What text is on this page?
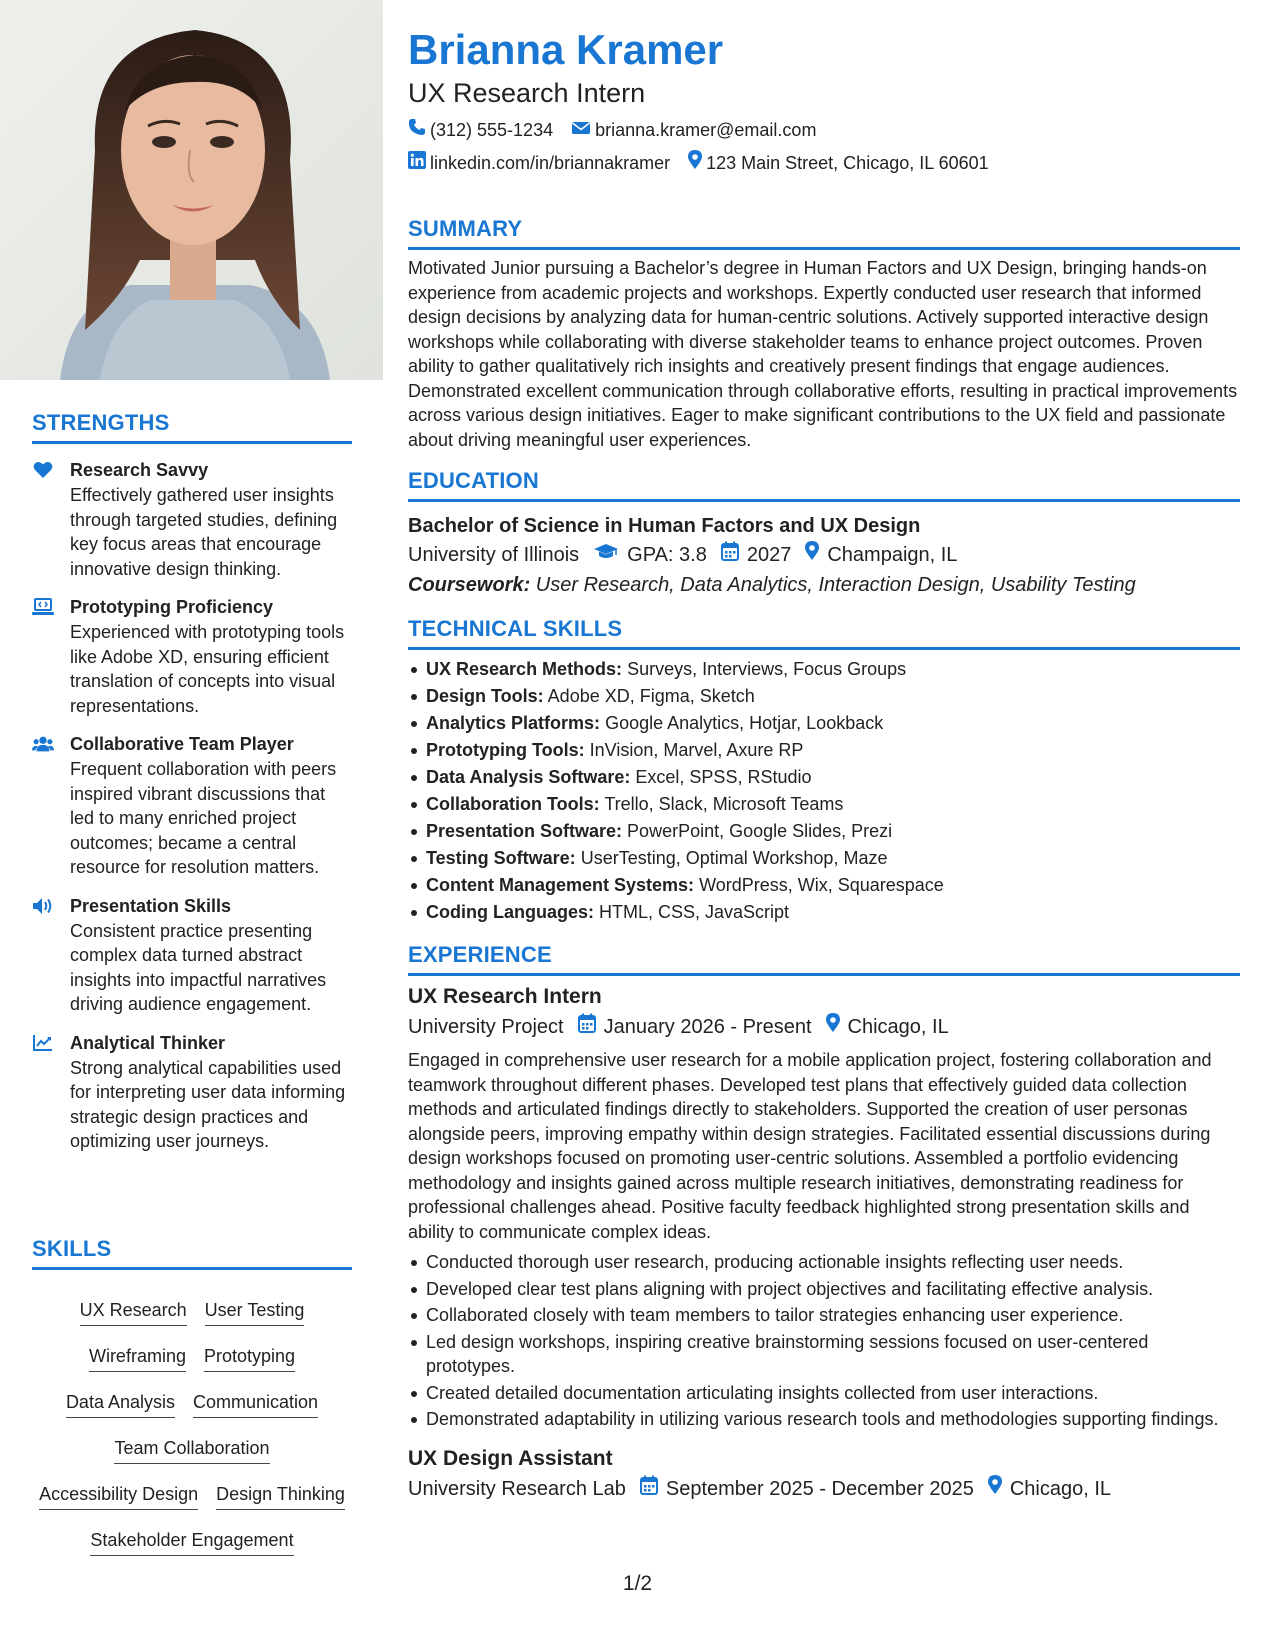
STRENGTHS
Research Savvy
Effectively gathered user insights through targeted studies, defining key focus areas that encourage innovative design thinking.
Prototyping Proficiency
Experienced with prototyping tools like Adobe XD, ensuring efficient translation of concepts into visual representations.
Collaborative Team Player
Frequent collaboration with peers inspired vibrant discussions that led to many enriched project outcomes; became a central resource for resolution matters.
Presentation Skills
Consistent practice presenting complex data turned abstract insights into impactful narratives driving audience engagement.
Analytical Thinker
Strong analytical capabilities used for interpreting user data informing strategic design practices and optimizing user journeys.
SKILLS
UX Research User Testing
Wireframing Prototyping
Data Analysis Communication
Team Collaboration
Accessibility Design Design Thinking
Stakeholder Engagement
Brianna Kramer
UX Research Intern
(312) 555-1234 brianna.kramer@email.com
linkedin.com/in/briannakramer 123 Main Street, Chicago, IL 60601
SUMMARY
Motivated Junior pursuing a Bachelor’s degree in Human Factors and UX Design, bringing hands-on experience from academic projects and workshops. Expertly conducted user research that informed design decisions by analyzing data for human-centric solutions. Actively supported interactive design workshops while collaborating with diverse stakeholder teams to enhance project outcomes. Proven ability to gather qualitatively rich insights and creatively present findings that engage audiences. Demonstrated excellent communication through collaborative efforts, resulting in practical improvements across various design initiatives. Eager to make significant contributions to the UX field and passionate about driving meaningful user experiences.
EDUCATION
Bachelor of Science in Human Factors and UX Design
University of Illinois GPA: 3.8 2027 Champaign, IL
Coursework: User Research, Data Analytics, Interaction Design, Usability Testing
TECHNICAL SKILLS
UX Research Methods: Surveys, Interviews, Focus Groups
Design Tools: Adobe XD, Figma, Sketch
Analytics Platforms: Google Analytics, Hotjar, Lookback
Prototyping Tools: InVision, Marvel, Axure RP
Data Analysis Software: Excel, SPSS, RStudio
Collaboration Tools: Trello, Slack, Microsoft Teams
Presentation Software: PowerPoint, Google Slides, Prezi
Testing Software: UserTesting, Optimal Workshop, Maze
Content Management Systems: WordPress, Wix, Squarespace
Coding Languages: HTML, CSS, JavaScript
EXPERIENCE
UX Research Intern
University Project January 2026 - Present Chicago, IL
Engaged in comprehensive user research for a mobile application project, fostering collaboration and teamwork throughout different phases. Developed test plans that effectively guided data collection methods and articulated findings directly to stakeholders. Supported the creation of user personas alongside peers, improving empathy within design strategies. Facilitated essential discussions during design workshops focused on promoting user-centric solutions. Assembled a portfolio evidencing methodology and insights gained across multiple research initiatives, demonstrating readiness for professional challenges ahead. Positive faculty feedback highlighted strong presentation skills and ability to communicate complex ideas.
Conducted thorough user research, producing actionable insights reflecting user needs.
Developed clear test plans aligning with project objectives and facilitating effective analysis.
Collaborated closely with team members to tailor strategies enhancing user experience.
Led design workshops, inspiring creative brainstorming sessions focused on user-centered prototypes.
Created detailed documentation articulating insights collected from user interactions.
Demonstrated adaptability in utilizing various research tools and methodologies supporting findings.
UX Design Assistant
University Research Lab September 2025 - December 2025 Chicago, IL
1/2
